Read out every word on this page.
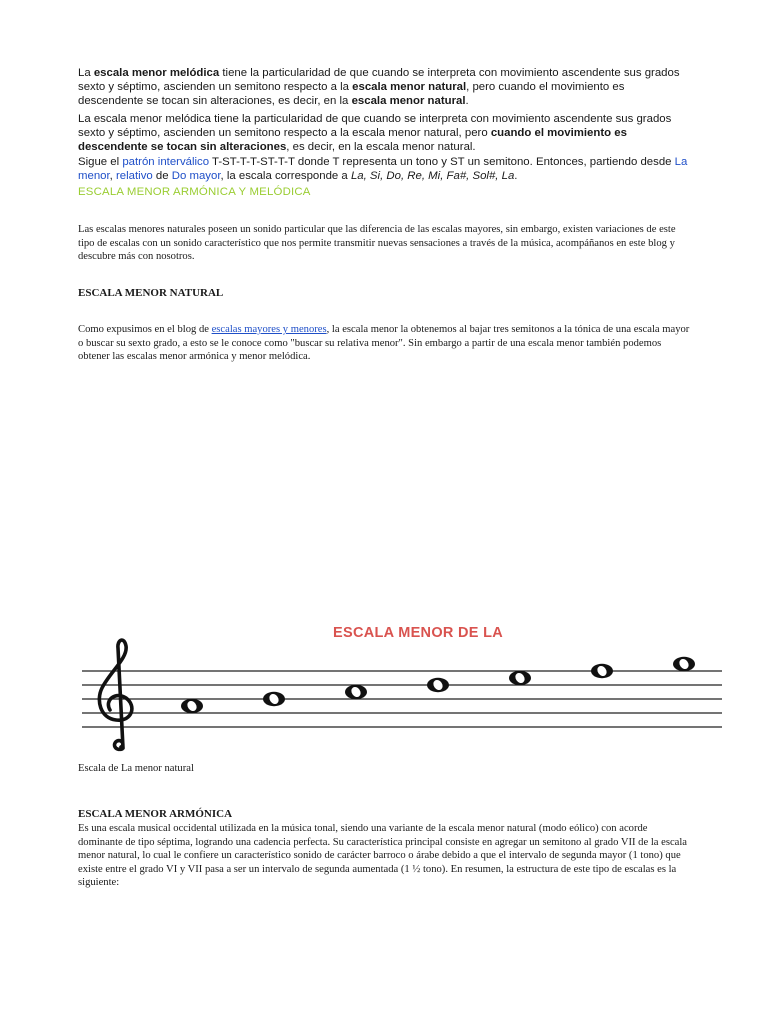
La escala menor melódica tiene la particularidad de que cuando se interpreta con movimiento ascendente sus grados sexto y séptimo, ascienden un semitono respecto a la escala menor natural, pero cuando el movimiento es descendente se tocan sin alteraciones, es decir, en la escala menor natural.

La escala menor melódica tiene la particularidad de que cuando se interpreta con movimiento ascendente sus grados sexto y séptimo, ascienden un semitono respecto a la escala menor natural, pero cuando el movimiento es descendente se tocan sin alteraciones, es decir, en la escala menor natural.

Sigue el patrón interválico T-ST-T-T-ST-T-T donde T representa un tono y ST un semitono. Entonces, partiendo desde La menor, relativo de Do mayor, la escala corresponde a La, Si, Do, Re, Mi, Fa#, Sol#, La.

ESCALA MENOR ARMÓNICA Y MELÓDICA

Las escalas menores naturales poseen un sonido particular que las diferencia de las escalas mayores, sin embargo, existen variaciones de este tipo de escalas con un sonido característico que nos permite transmitir nuevas sensaciones a través de la música, acompáñanos en este blog y descubre más con nosotros.

ESCALA MENOR NATURAL

Como expusimos en el blog de escalas mayores y menores, la escala menor la obtenemos al bajar tres semitonos a la tónica de una escala mayor o buscar su sexto grado, a esto se le conoce como "buscar su relativa menor". Sin embargo a partir de una escala menor también podemos obtener las escalas menor armónica y menor melódica.

ESCALA MENOR DE LA
Escala de La menor natural
ESCALA MENOR ARMÓNICA

Es una escala musical occidental utilizada en la música tonal, siendo una variante de la escala menor natural (modo eólico) con acorde dominante de tipo séptima, logrando una cadencia perfecta. Su característica principal consiste en agregar un semitono al grado VII de la escala menor natural, lo cual le confiere un característico sonido de carácter barroco o árabe debido a que el intervalo de segunda mayor (1 tono) que existe entre el grado VI y VII pasa a ser un intervalo de segunda aumentada (1 ½ tono). En resumen, la estructura de este tipo de escalas es la siguiente:
